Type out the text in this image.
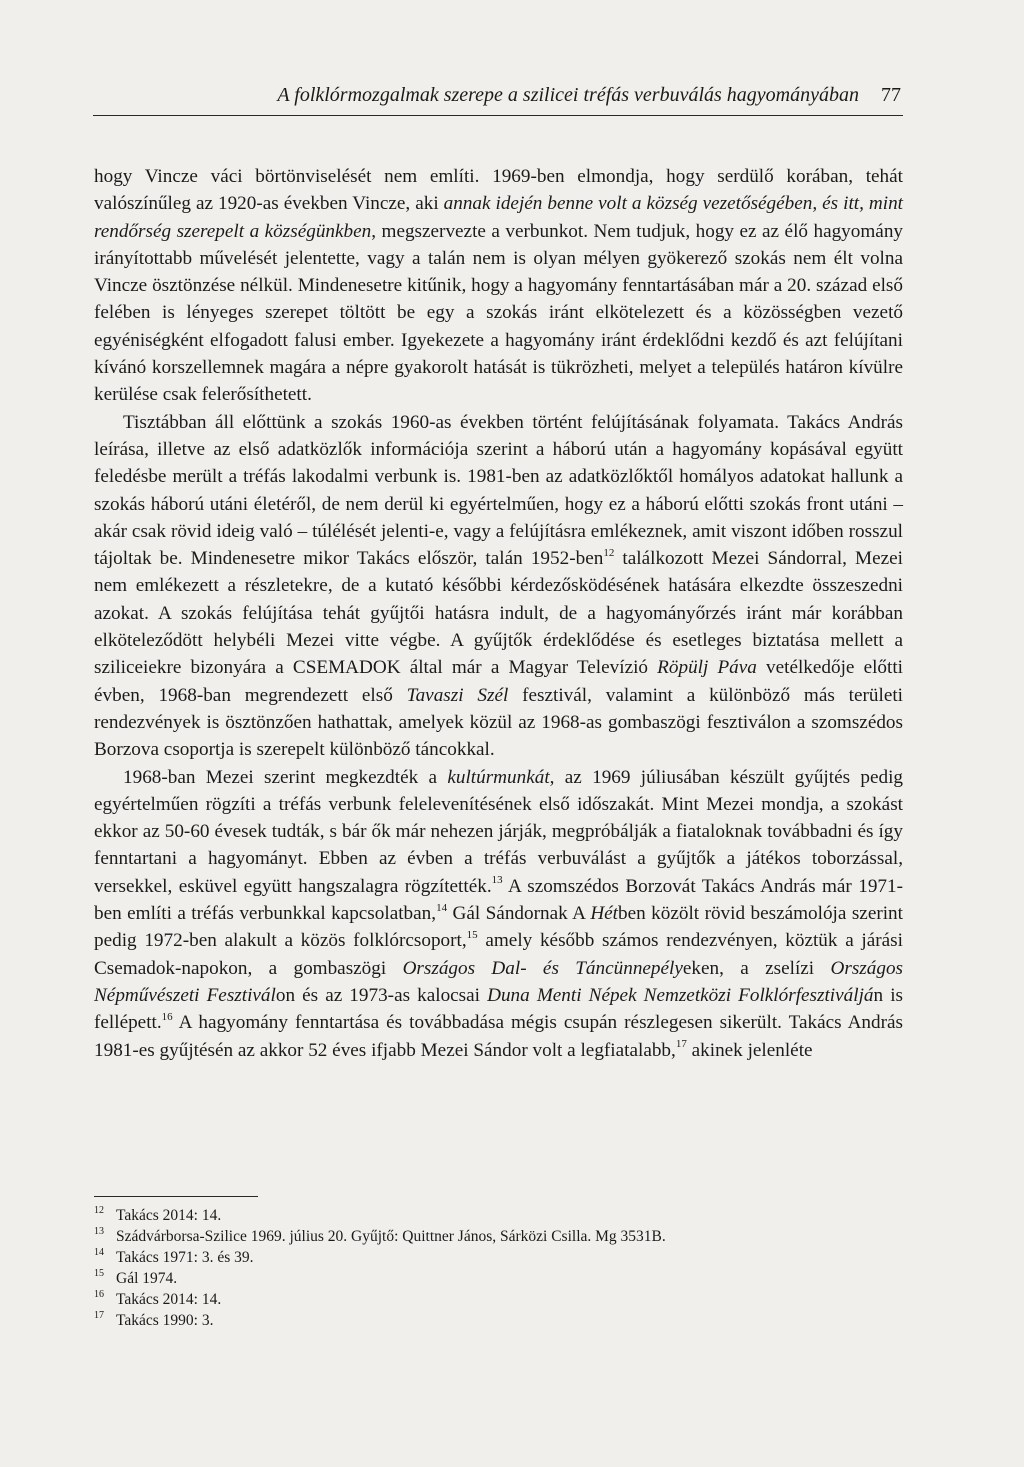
A folklórmozgalmak szerepe a szilicei tréfás verbuválás hagyományában 77

hogy Vincze váci börtönviselését nem említi. 1969-ben elmondja, hogy serdülő korában, tehát valószínűleg az 1920-as években Vincze, aki annak idején benne volt a község vezetőségében, és itt, mint rendőrség szerepelt a községünkben, megszervezte a verbunkot. Nem tudjuk, hogy ez az élő hagyomány irányítottabb művelését jelentette, vagy a talán nem is olyan mélyen gyökerező szokás nem élt volna Vincze ösztönzése nélkül. Mindenesetre kitűnik, hogy a hagyomány fenntartásában már a 20. század első felében is lényeges szerepet töltött be egy a szokás iránt elkötelezett és a közösségben vezető egyéniségként elfogadott falusi ember. Igyekezete a hagyomány iránt érdeklődni kezdő és azt felújítani kívánó korszellemnek magára a népre gyakorolt hatását is tükrözheti, melyet a település határon kívülre kerülése csak felerősíthetett.

Tisztábban áll előttünk a szokás 1960-as években történt felújításának folyamata. Takács András leírása, illetve az első adatközlők információja szerint a háború után a hagyomány kopásával együtt feledésbe merült a tréfás lakodalmi verbunk is. 1981-ben az adatközlőktől homályos adatokat hallunk a szokás háború utáni életéről, de nem derül ki egyértelműen, hogy ez a háború előtti szokás front utáni – akár csak rövid ideig való – túlélését jelenti-e, vagy a felújításra emlékeznek, amit viszont időben rosszul tájoltak be. Mindenesetre mikor Takács először, talán 1952-ben$^{12}$ találkozott Mezei Sándorral, Mezei nem emlékezett a részletekre, de a kutató későbbi kérdezősködésének hatására elkezdte összeszedni azokat. A szokás felújítása tehát gyűjtői hatásra indult, de a hagyományőrzés iránt már korábban elköteleződött helybéli Mezei vitte végbe. A gyűjtők érdeklődése és esetleges biztatása mellett a sziliceiekre bizonyára a CSEMADOK által már a Magyar Televízió Röpülj Páva vetélkedője előtti évben, 1968-ban megrendezett első Tavaszi Szél fesztivál, valamint a különböző más területi rendezvények is ösztönzően hathattak, amelyek közül az 1968-as gombaszögi fesztiválon a szomszédos Borzova csoportja is szerepelt különböző táncokkal.

1968-ban Mezei szerint megkezdték a kultúrmunkát, az 1969 júliusában készült gyűjtés pedig egyértelműen rögzíti a tréfás verbunk felelevenítésének első időszakát. Mint Mezei mondja, a szokást ekkor az 50-60 évesek tudták, s bár ők már nehezen járják, megpróbálják a fiataloknak továbbadni és így fenntartani a hagyományt. Ebben az évben a tréfás verbuválást a gyűjtők a játékos toborzással, versekkel, esküvel együtt hangszalagra rögzítették.$^{13}$ A szomszédos Borzovát Takács András már 1971-ben említi a tréfás verbunkkal kapcsolatban,$^{14}$ Gál Sándornak A Hétben közölt rövid beszámolója szerint pedig 1972-ben alakult a közös folklórcsoport,$^{15}$ amely később számos rendezvényen, köztük a járási Csemadok-napokon, a gombaszögi Országos Dal- és Táncünnepélyeken, a zselízi Országos Népművészeti Fesztiválon és az 1973-as kalocsai Duna Menti Népek Nemzetközi Folklórfesztiválján is fellépett.$^{16}$ A hagyomány fenntartása és továbbadása mégis csupán részlegesen sikerült. Takács András 1981-es gyűjtésén az akkor 52 éves ifjabb Mezei Sándor volt a legfiatalabb,$^{17}$ akinek jelenléte

12 Takács 2014: 14.
13 Szádvárborsa-Szilice 1969. július 20. Gyűjtő: Quittner János, Sárközi Csilla. Mg 3531B.
14 Takács 1971: 3. és 39.
15 Gál 1974.
16 Takács 2014: 14.
17 Takács 1990: 3.
